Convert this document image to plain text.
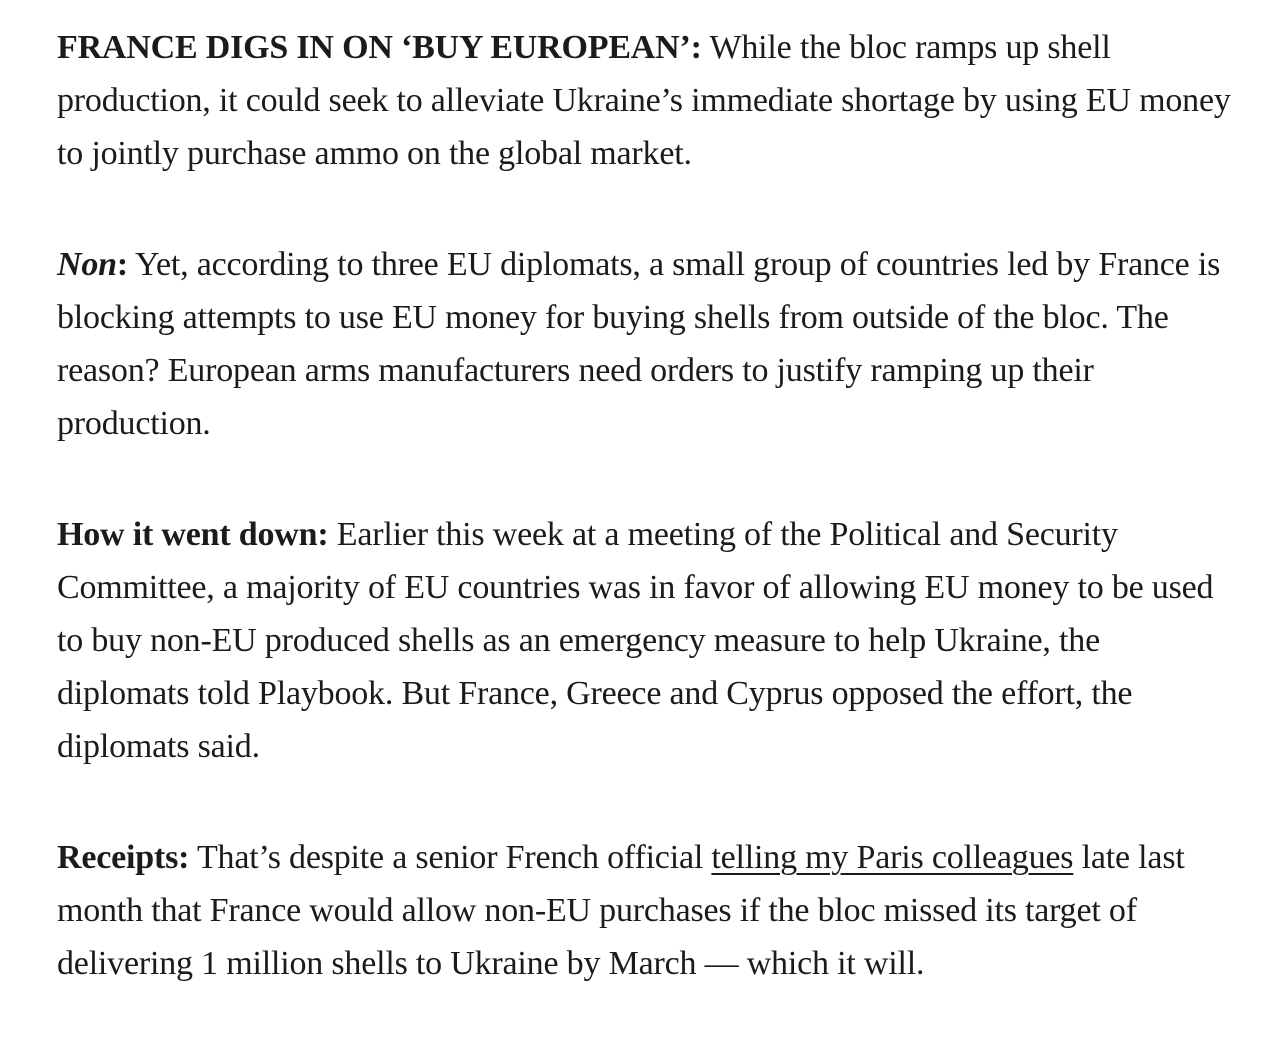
FRANCE DIGS IN ON ‘BUY EUROPEAN’: While the bloc ramps up shell production, it could seek to alleviate Ukraine’s immediate shortage by using EU money to jointly purchase ammo on the global market.

Non: Yet, according to three EU diplomats, a small group of countries led by France is blocking attempts to use EU money for buying shells from outside of the bloc. The reason? European arms manufacturers need orders to justify ramping up their production.

How it went down: Earlier this week at a meeting of the Political and Security Committee, a majority of EU countries was in favor of allowing EU money to be used to buy non-EU produced shells as an emergency measure to help Ukraine, the diplomats told Playbook. But France, Greece and Cyprus opposed the effort, the diplomats said.

Receipts: That’s despite a senior French official telling my Paris colleagues late last month that France would allow non-EU purchases if the bloc missed its target of delivering 1 million shells to Ukraine by March — which it will.
